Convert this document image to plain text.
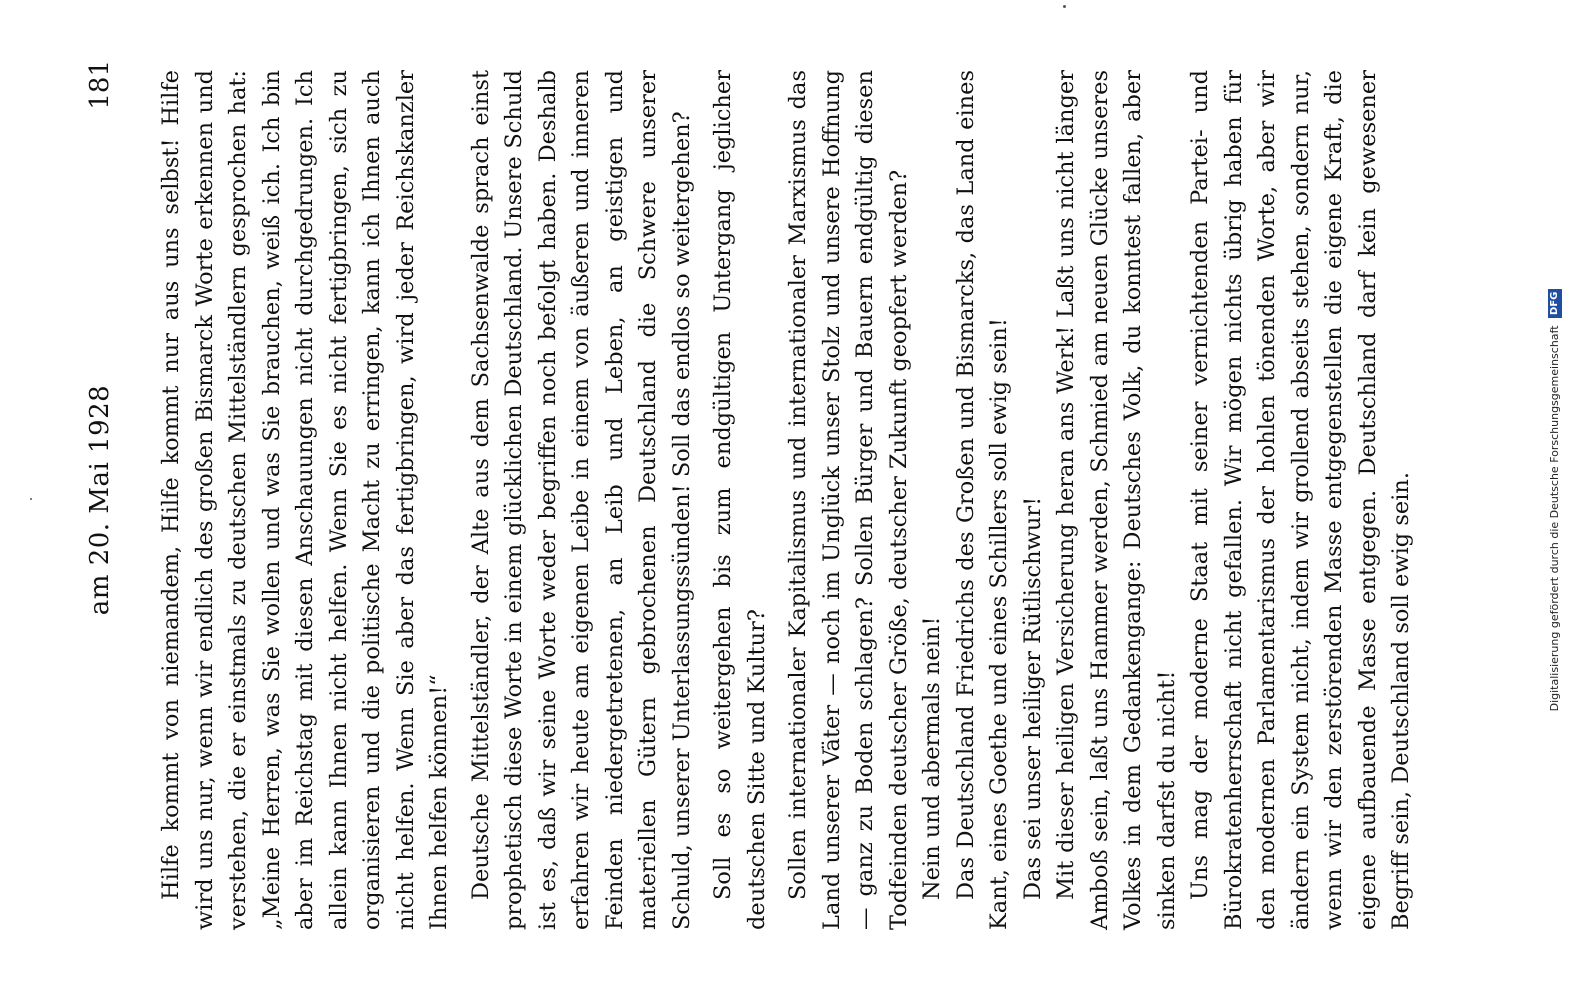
am 20. Mai 1928
181 Hilfe kommt von niemandem, Hilfe kommt nur aus uns selbst! Hilfe wird uns nur, wenn wir endlich des großen Bismarck Worte erkennen und verstehen, die er einstmals zu deutschen Mittelständlern gesprochen hat: „Meine Herren, was Sie wollen und was Sie brauchen, weiß ich. Ich bin aber im Reichstag mit diesen Anschauungen nicht durchgedrungen. Ich allein kann Ihnen nicht helfen. Wenn Sie es nicht fertigbringen, sich zu organisieren und die politische Macht zu erringen, kann ich Ihnen auch nicht helfen. Wenn Sie aber das fertigbringen, wird jeder Reichskanzler Ihnen helfen können!“ Deutsche Mittelständler, der Alte aus dem Sachsenwalde sprach einst prophetisch diese Worte in einem glücklichen Deutschland. Unsere Schuld ist es, daß wir seine Worte weder begriffen noch befolgt haben. Deshalb erfahren wir heute am eigenen Leibe in einem von äußeren und inneren Feinden niedergetretenen, an Leib und Leben, an geistigen und materiellen Gütern gebrochenen Deutschland die Schwere unserer Schuld, unserer Unterlassungssünden! Soll das endlos so weitergehen? Soll es so weitergehen bis zum endgültigen Untergang jeglicher deutschen Sitte und Kultur? Sollen internationaler Kapitalismus und internationaler Marxismus das Land unserer Väter — noch im Unglück unser Stolz und unsere Hoffnung — ganz zu Boden schlagen? Sollen Bürger und Bauern endgültig diesen Todfeinden deutscher Größe, deutscher Zukunft geopfert werden? Nein und abermals nein! Das Deutschland Friedrichs des Großen und Bismarcks, das Land eines Kant, eines Goethe und eines Schillers soll ewig sein! Das sei unser heiliger Rütlischwur! Mit dieser heiligen Versicherung heran ans Werk! Laßt uns nicht länger Amboß sein, laßt uns Hammer werden, Schmied am neuen Glücke unseres Volkes in dem Gedankengange: Deutsches Volk, du konntest fallen, aber sinken darfst du nicht! Uns mag der moderne Staat mit seiner vernichtenden Partei- und Bürokratenherrschaft nicht gefallen. Wir mögen nichts übrig haben für den modernen Parlamentarismus der hohlen tönenden Worte, aber wir ändern ein System nicht, indem wir grollend abseits stehen, sondern nur, wenn wir den zerstörenden Masse entgegenstellen die eigene Kraft, die eigene aufbauende Masse entgegen. Deutschland darf kein gewesener Begriff sein, Deutschland soll ewig sein.	Digitalisierung gefördert durch die Deutsche Forschungsgemeinschaft DFG
